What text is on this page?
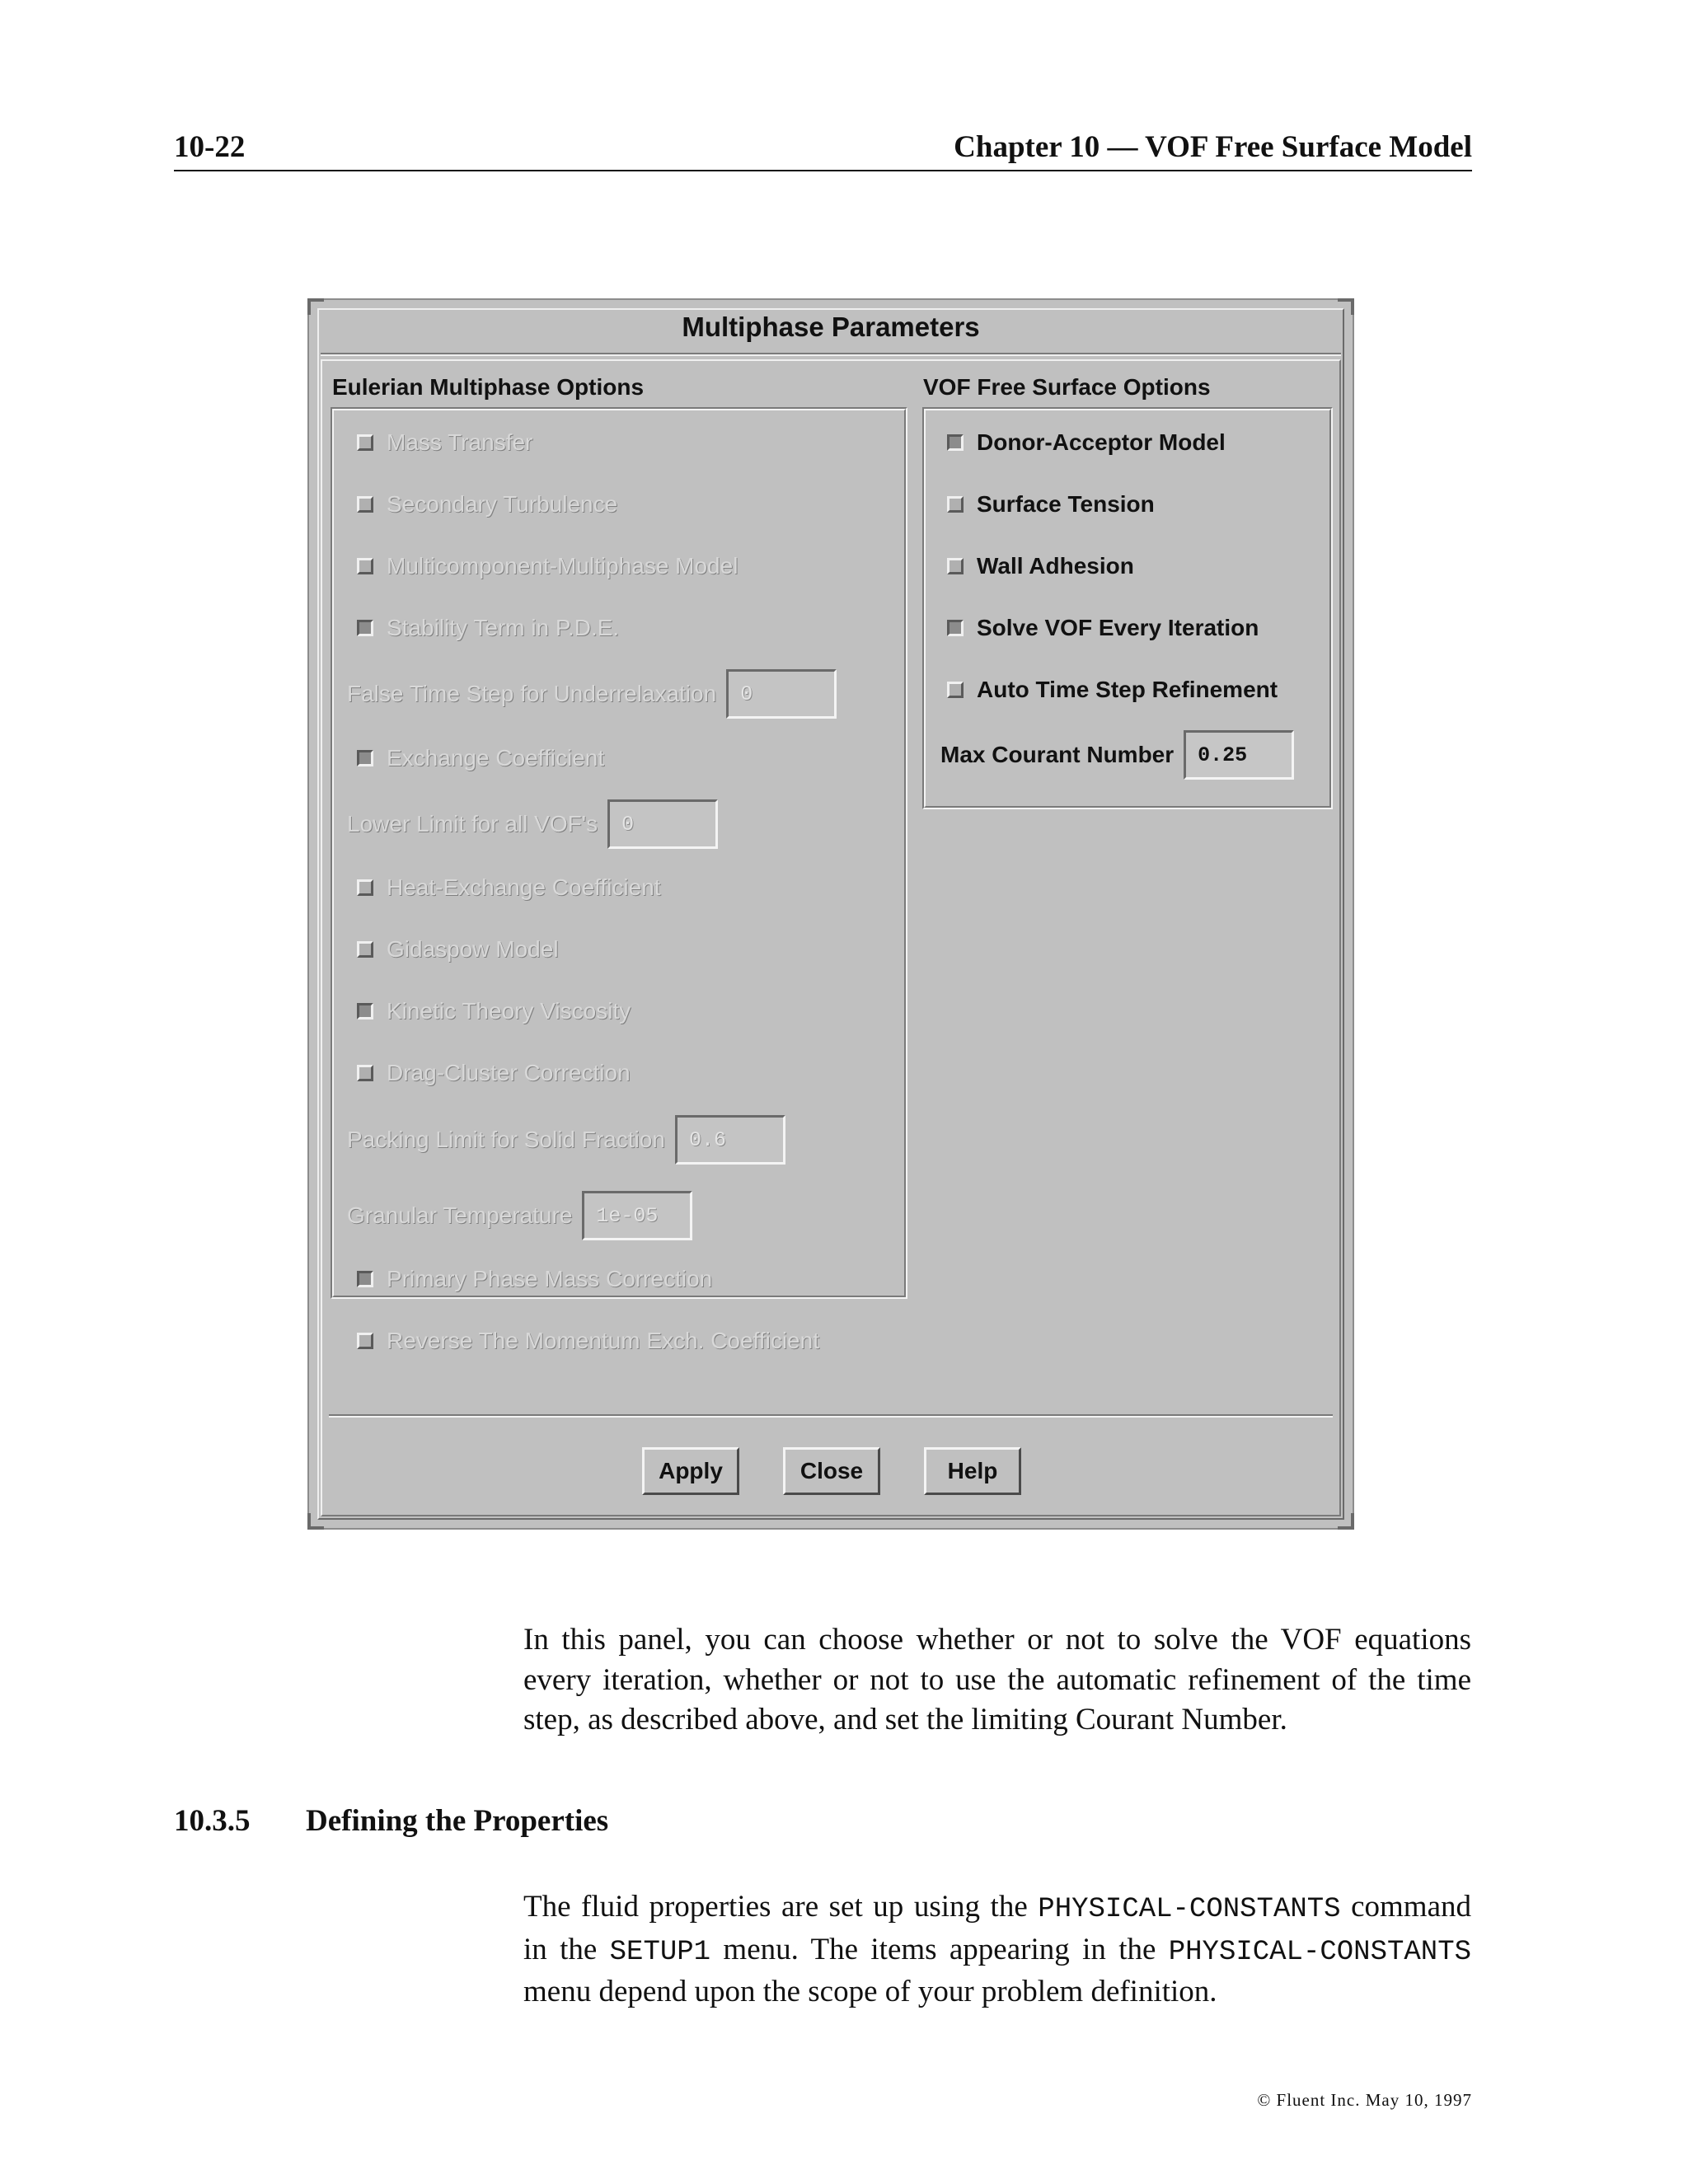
10-22	Chapter 10 — VOF Free Surface Model
Multiphase Parameters
Eulerian Multiphase Options
Mass Transfer
Secondary Turbulence
Multicomponent-Multiphase Model
Stability Term in P.D.E.
False Time Step for Underrelaxation	0
Exchange Coefficient
Lower Limit for all VOF's	0
Heat-Exchange Coefficient
Gidaspow Model
Kinetic Theory Viscosity
Drag-Cluster Correction
Packing Limit for Solid Fraction	0.6
Granular Temperature	1e-05
Primary Phase Mass Correction
Reverse The Momentum Exch. Coefficient
VOF Free Surface Options
Donor-Acceptor Model
Surface Tension
Wall Adhesion
Solve VOF Every Iteration
Auto Time Step Refinement
Max Courant Number	0.25
Apply	Close	Help
In this panel, you can choose whether or not to solve the VOF equations every iteration, whether or not to use the automatic refinement of the time step, as described above, and set the limiting Courant Number.
10.3.5 Defining the Properties
The fluid properties are set up using the PHYSICAL-CONSTANTS command in the SETUP1 menu. The items appearing in the PHYSICAL-CONSTANTS menu depend upon the scope of your problem definition.
© Fluent Inc. May 10, 1997
